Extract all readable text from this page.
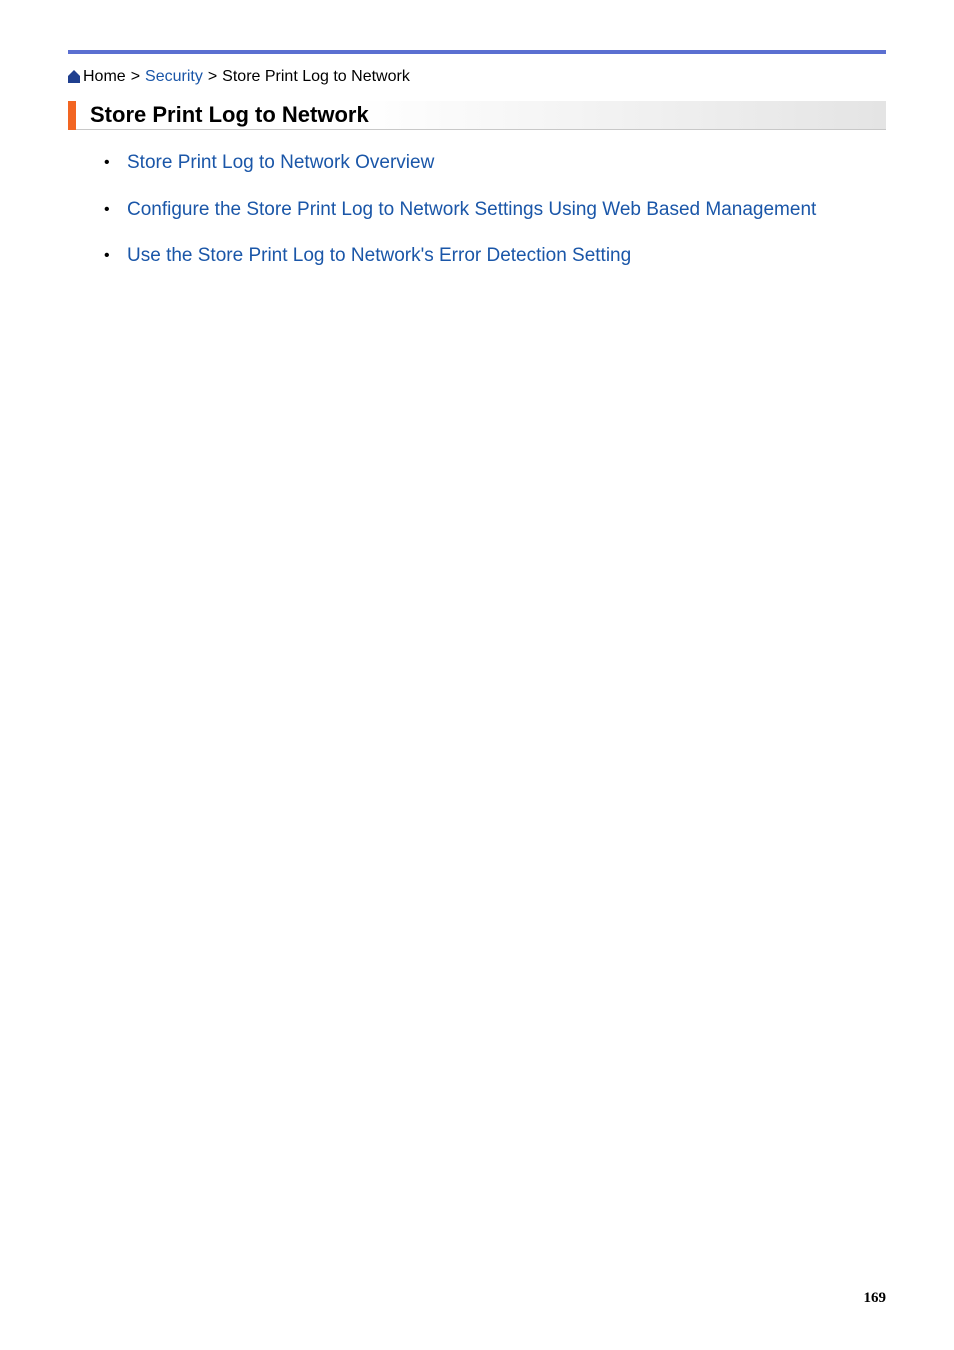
Home > Security > Store Print Log to Network
Store Print Log to Network
• Store Print Log to Network Overview
• Configure the Store Print Log to Network Settings Using Web Based Management
• Use the Store Print Log to Network's Error Detection Setting
169
